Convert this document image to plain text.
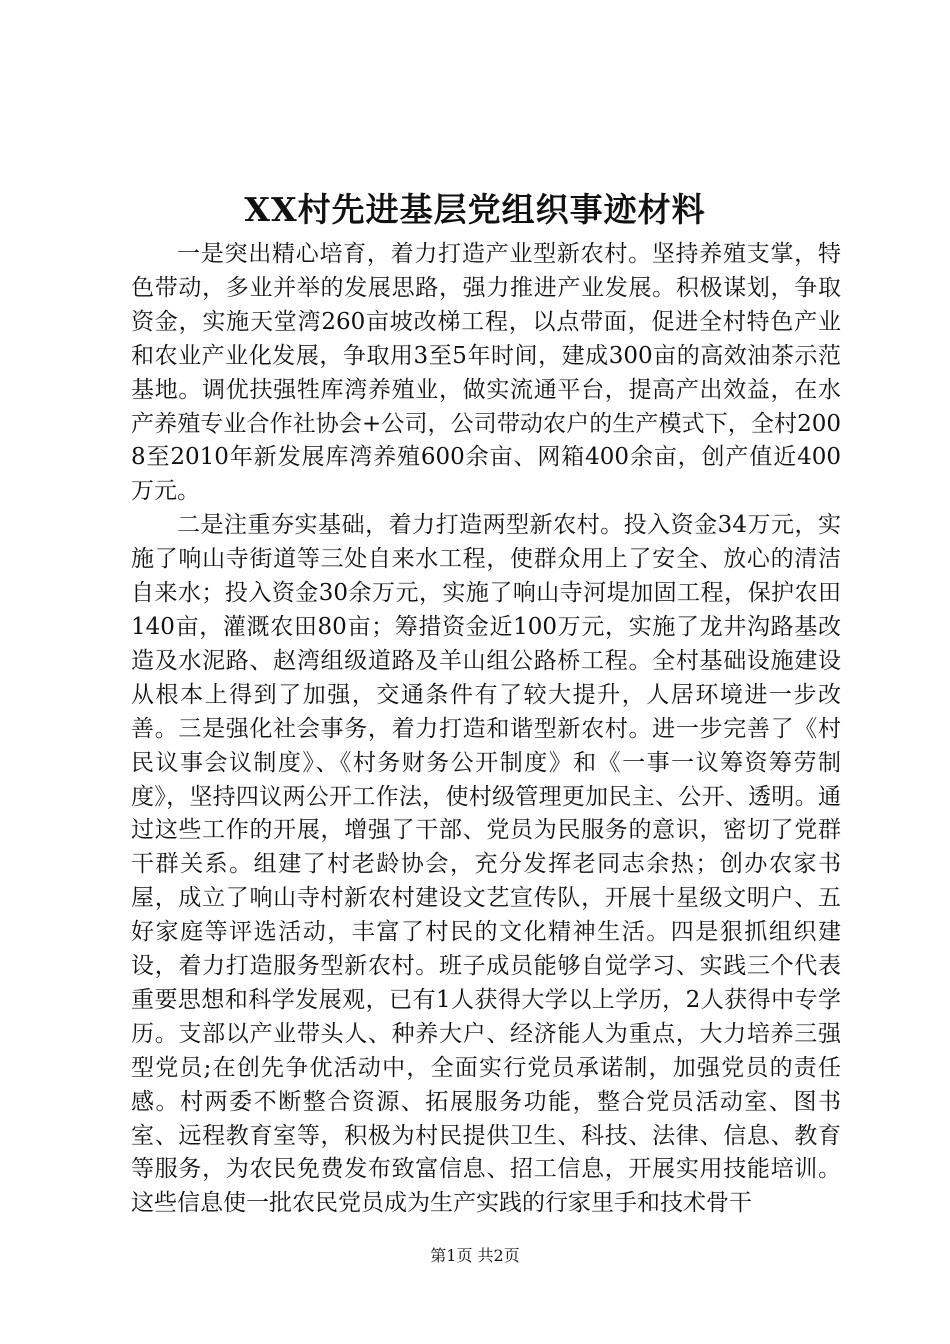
XX村先进基层党组织事迹材料

一是突出精心培育，着力打造产业型新农村。坚持养殖支掌，特色带动，多业并举的发展思路，强力推进产业发展。积极谋划，争取资金，实施天堂湾260亩坡改梯工程，以点带面，促进全村特色产业和农业产业化发展，争取用3至5年时间，建成300亩的高效油茶示范基地。调优扶强牲库湾养殖业，做实流通平台，提高产出效益，在水产养殖专业合作社协会+公司，公司带动农户的生产模式下，全村2008至2010年新发展库湾养殖600余亩、网箱400余亩，创产值近400万元。

二是注重夯实基础，着力打造两型新农村。投入资金34万元，实施了响山寺街道等三处自来水工程，使群众用上了安全、放心的清洁自来水；投入资金30余万元，实施了响山寺河堤加固工程，保护农田140亩，灌溉农田80亩；筹措资金近100万元，实施了龙井沟路基改造及水泥路、赵湾组级道路及羊山组公路桥工程。全村基础设施建设从根本上得到了加强，交通条件有了较大提升，人居环境进一步改善。三是强化社会事务，着力打造和谐型新农村。进一步完善了《村民议事会议制度》、《村务财务公开制度》和《一事一议筹资筹劳制度》，坚持四议两公开工作法，使村级管理更加民主、公开、透明。通过这些工作的开展，增强了干部、党员为民服务的意识，密切了党群干群关系。组建了村老龄协会，充分发挥老同志余热；创办农家书屋，成立了响山寺村新农村建设文艺宣传队，开展十星级文明户、五好家庭等评选活动，丰富了村民的文化精神生活。四是狠抓组织建设，着力打造服务型新农村。班子成员能够自觉学习、实践三个代表重要思想和科学发展观，已有1人获得大学以上学历，2人获得中专学历。支部以产业带头人、种养大户、经济能人为重点，大力培养三强型党员;在创先争优活动中，全面实行党员承诺制，加强党员的责任感。村两委不断整合资源、拓展服务功能，整合党员活动室、图书室、远程教育室等，积极为村民提供卫生、科技、法律、信息、教育等服务，为农民免费发布致富信息、招工信息，开展实用技能培训。这些信息使一批农民党员成为生产实践的行家里手和技术骨干

第1页 共2页
